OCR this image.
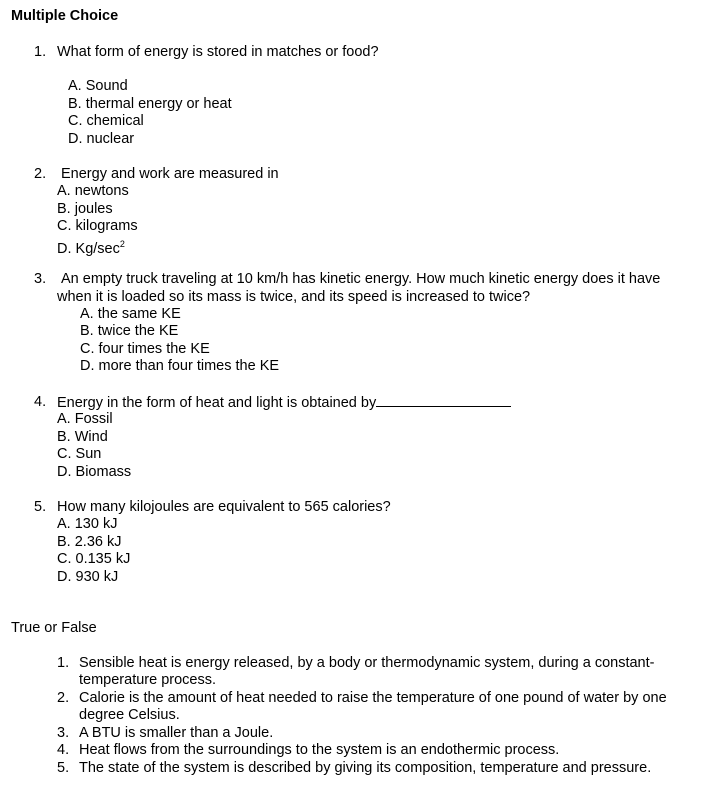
Multiple Choice
1. What form of energy is stored in matches or food?
A. Sound
B. thermal energy or heat
C. chemical
D. nuclear
2. Energy and work are measured in
A. newtons
B. joules
C. kilograms
D. $Kg/\sec^2$
3. An empty truck traveling at 10 km/h has kinetic energy. How much kinetic energy does it have
when it is loaded so its mass is twice, and its speed is increased to twice?
A. the same KE
B. twice the KE
C. four times the KE
D. more than four times the KE
4. Energy in the form of heat and light is obtained by
A. Fossil
B. Wind
C. Sun
D. Biomass
5. How many kilojoules are equivalent to 565 calories?
A. 130 kJ
B. 2.36 kJ
C. 0.135 kJ
D. 930 kJ
True or False
1. Sensible heat is energy released, by a body or thermodynamic system, during a constant-
temperature process.
2. Calorie is the amount of heat needed to raise the temperature of one pound of water by one
degree Celsius.
3. A BTU is smaller than a Joule.
4. Heat flows from the surroundings to the system is an endothermic process.
5. The state of the system is described by giving its composition, temperature and pressure.
